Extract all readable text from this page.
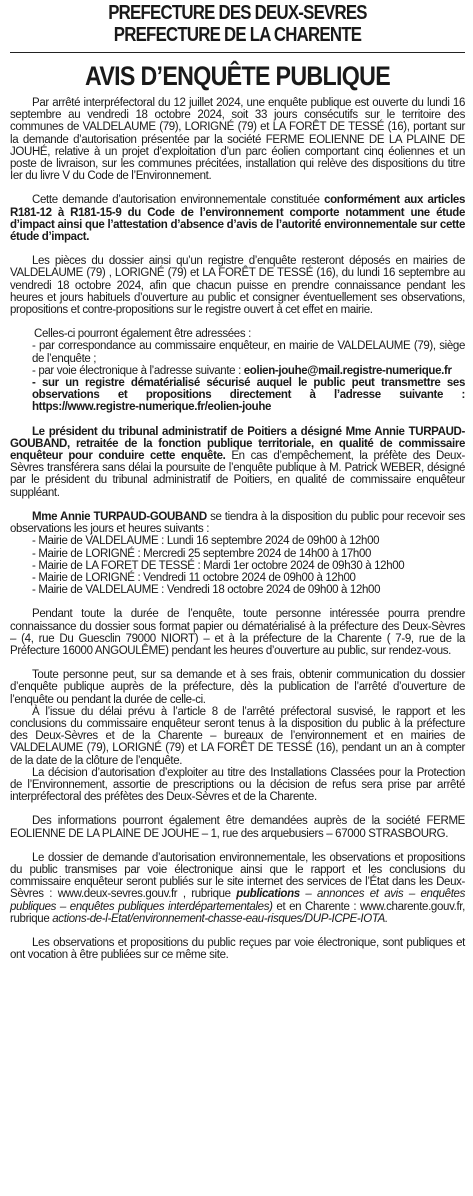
PREFECTURE DES DEUX-SEVRES
PREFECTURE DE LA CHARENTE
AVIS D’ENQUÊTE PUBLIQUE

Par arrêté interpréfectoral du 12 juillet 2024, une enquête publique est ouverte du lundi 16 septembre au vendredi 18 octobre 2024, soit 33 jours consécutifs sur le territoire des communes de VALDELAUME (79), LORIGNÉ (79) et LA FORÊT DE TESSÉ (16), portant sur la demande d’autorisation présentée par la société FERME EOLIENNE DE LA PLAINE DE JOUHÉ, relative à un projet d’exploitation d’un parc éolien comportant cinq éoliennes et un poste de livraison, sur les communes précitées, installation qui relève des dispositions du titre Ier du livre V du Code de l’Environnement.

Cette demande d’autorisation environnementale constituée conformément aux articles R181-12 à R181-15-9 du Code de l’environnement comporte notamment une étude d’impact ainsi que l’attestation d’absence d’avis de l’autorité environnementale sur cette étude d’impact.

Les pièces du dossier ainsi qu’un registre d’enquête resteront déposés en mairies de VALDELAUME (79) , LORIGNÉ (79) et LA FORÊT DE TESSÉ (16), du lundi 16 septembre au vendredi 18 octobre 2024, afin que chacun puisse en prendre connaissance pendant les heures et jours habituels d’ouverture au public et consigner éventuellement ses observations, propositions et contre-propositions sur le registre ouvert à cet effet en mairie.

Celles-ci pourront également être adressées :
- par correspondance au commissaire enquêteur, en mairie de VALDELAUME (79), siège de l’enquête ;
- par voie électronique à l’adresse suivante : eolien-jouhe@mail.registre-numerique.fr
- sur un registre dématérialisé sécurisé auquel le public peut transmettre ses observations et propositions directement à l’adresse suivante : https://www.registre-numerique.fr/eolien-jouhe

Le président du tribunal administratif de Poitiers a désigné Mme Annie TURPAUD-GOUBAND, retraitée de la fonction publique territoriale, en qualité de commissaire enquêteur pour conduire cette enquête. En cas d’empêchement, la préfète des Deux-Sèvres transférera sans délai la poursuite de l’enquête publique à M. Patrick WEBER, désigné par le président du tribunal administratif de Poitiers, en qualité de commissaire enquêteur suppléant.

Mme Annie TURPAUD-GOUBAND se tiendra à la disposition du public pour recevoir ses observations les jours et heures suivants :
- Mairie de VALDELAUME : Lundi 16 septembre 2024 de 09h00 à 12h00
- Mairie de LORIGNÉ : Mercredi 25 septembre 2024 de 14h00 à 17h00
- Mairie de LA FORET DE TESSÉ : Mardi 1er octobre 2024 de 09h30 à 12h00
- Mairie de LORIGNÉ : Vendredi 11 octobre 2024 de 09h00 à 12h00
- Mairie de VALDELAUME : Vendredi 18 octobre 2024 de 09h00 à 12h00

Pendant toute la durée de l’enquête, toute personne intéressée pourra prendre connaissance du dossier sous format papier ou dématérialisé à la préfecture des Deux-Sèvres – (4, rue Du Guesclin 79000 NIORT) – et à la préfecture de la Charente ( 7-9, rue de la Préfecture 16000 ANGOULÊME) pendant les heures d’ouverture au public, sur rendez-vous.

Toute personne peut, sur sa demande et à ses frais, obtenir communication du dossier d’enquête publique auprès de la préfecture, dès la publication de l’arrêté d’ouverture de l’enquête ou pendant la durée de celle-ci.

À l’issue du délai prévu à l’article 8 de l’arrêté préfectoral susvisé, le rapport et les conclusions du commissaire enquêteur seront tenus à la disposition du public à la préfecture des Deux-Sèvres et de la Charente – bureaux de l’environnement et en mairies de VALDELAUME (79), LORIGNÉ (79) et LA FORÊT DE TESSÉ (16), pendant un an à compter de la date de la clôture de l’enquête.

La décision d’autorisation d’exploiter au titre des Installations Classées pour la Protection de l’Environnement, assortie de prescriptions ou la décision de refus sera prise par arrêté interpréfectoral des préfètes des Deux-Sèvres et de la Charente.

Des informations pourront également être demandées auprès de la société FERME EOLIENNE DE LA PLAINE DE JOUHE – 1, rue des arquebusiers – 67000 STRASBOURG.

Le dossier de demande d’autorisation environnementale, les observations et propositions du public transmises par voie électronique ainsi que le rapport et les conclusions du commissaire enquêteur seront publiés sur le site internet des services de l’État dans les Deux-Sèvres : www.deux-sevres.gouv.fr , rubrique publications – annonces et avis – enquêtes publiques – enquêtes publiques interdépartementales) et en Charente : www.charente.gouv.fr, rubrique actions-de-l-Etat/environnement-chasse-eau-risques/DUP-ICPE-IOTA.

Les observations et propositions du public reçues par voie électronique, sont publiques et ont vocation à être publiées sur ce même site.
